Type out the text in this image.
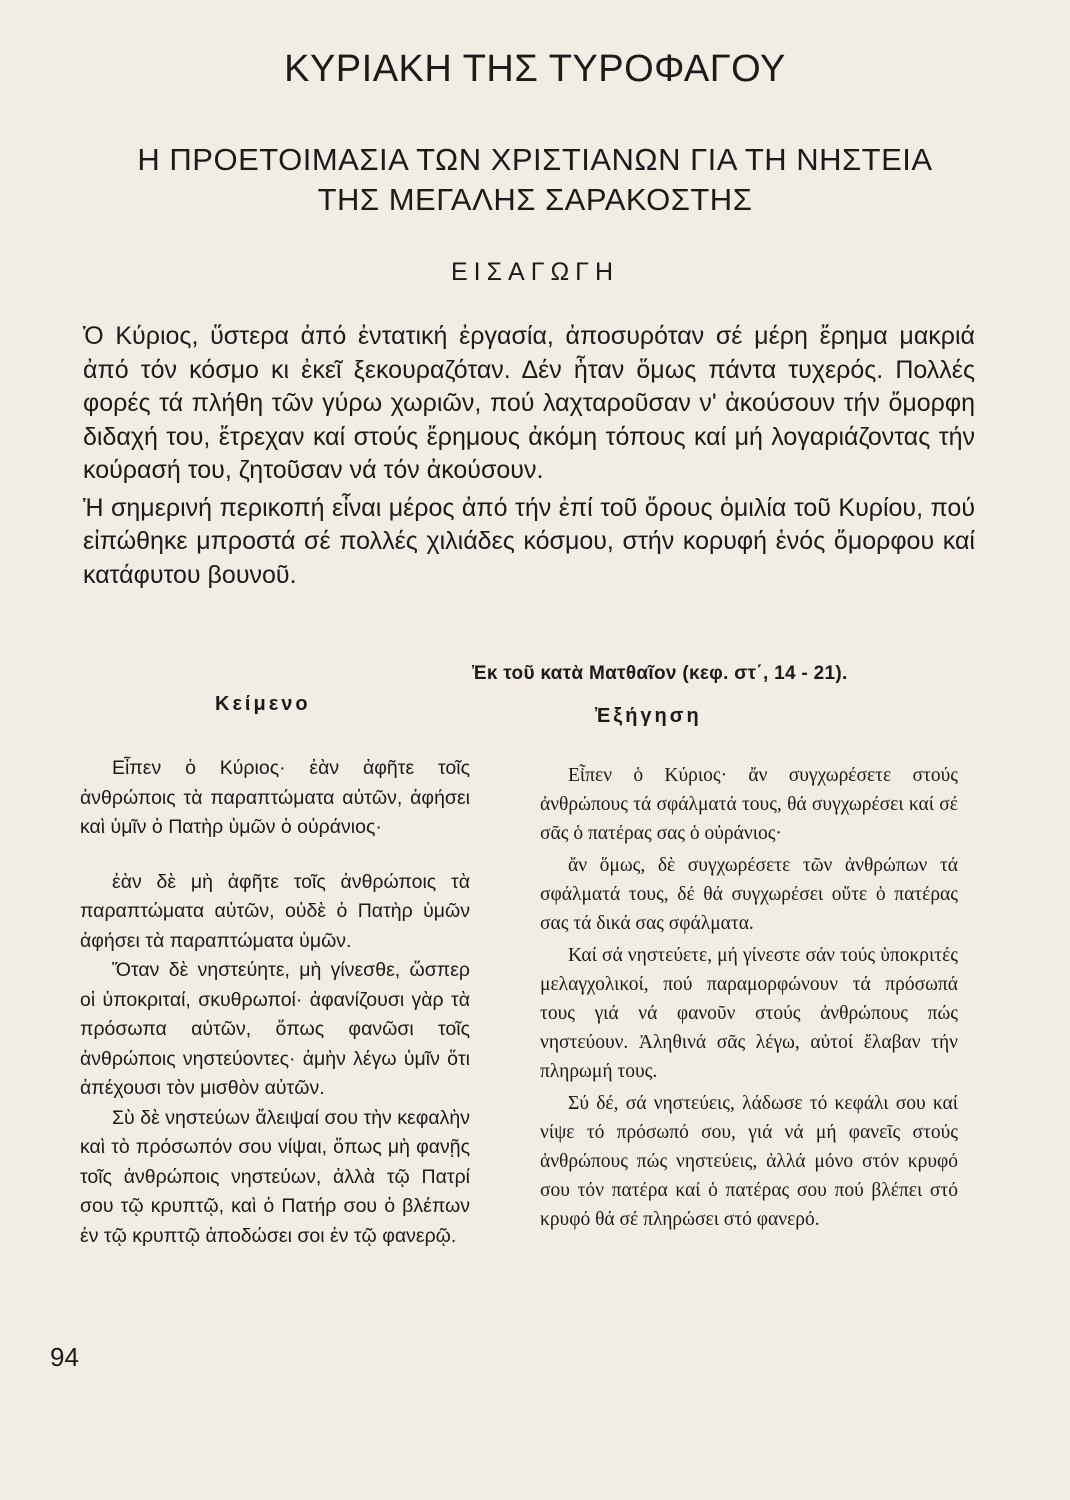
ΚΥΡΙΑΚΗ ΤΗΣ ΤΥΡΟΦΑΓΟΥ
Η ΠΡΟΕΤΟΙΜΑΣΙΑ ΤΩΝ ΧΡΙΣΤΙΑΝΩΝ ΓΙΑ ΤΗ ΝΗΣΤΕΙΑ
ΤΗΣ ΜΕΓΑΛΗΣ ΣΑΡΑΚΟΣΤΗΣ
ΕΙΣΑΓΩΓΗ

Ὁ Κύριος, ὕστερα ἀπό ἐντατική ἐργασία, ἀποσυρόταν σέ μέρη ἔρημα μακριά ἀπό τόν κόσμο κι ἐκεῖ ξεκουραζόταν. Δέν ἦταν ὅμως πάντα τυχερός. Πολλές φορές τά πλήθη τῶν γύρω χωριῶν, πού λαχταροῦσαν ν' ἀκούσουν τήν ὄμορφη διδαχή του, ἔτρεχαν καί στούς ἔρημους ἀκόμη τόπους καί μή λογαριάζοντας τήν κούρασή του, ζητοῦσαν νά τόν ἀκούσουν.

Ἡ σημερινή περικοπή εἶναι μέρος ἀπό τήν ἐπί τοῦ ὄρους ὁμιλία τοῦ Κυρίου, πού εἰπώθηκε μπροστά σέ πολλές χιλιάδες κόσμου, στήν κορυφή ἑνός ὄμορφου καί κατάφυτου βουνοῦ.

Ἐκ τοῦ κατὰ Ματθαῖον (κεφ. στ΄, 14 - 21).
Κείμενο
Ἐξήγηση

Εἶπεν ὁ Κύριος· ἐὰν ἀφῆτε τοῖς ἀνθρώποις τὰ παραπτώματα αὐτῶν, ἀφήσει καὶ ὑμῖν ὁ Πατὴρ ὑμῶν ὁ οὐράνιος·

ἐὰν δὲ μὴ ἀφῆτε τοῖς ἀνθρώποις τὰ παραπτώματα αὐτῶν, οὐδὲ ὁ Πατὴρ ὑμῶν ἀφήσει τὰ παραπτώματα ὑμῶν.

Ὅταν δὲ νηστεύητε, μὴ γίνεσθε, ὥσπερ οἱ ὑποκριταί, σκυθρωποί· ἀφανίζουσι γὰρ τὰ πρόσωπα αὐτῶν, ὅπως φανῶσι τοῖς ἀνθρώποις νηστεύοντες· ἀμὴν λέγω ὑμῖν ὅτι ἀπέχουσι τὸν μισθὸν αὐτῶν.

Σὺ δὲ νηστεύων ἄλειψαί σου τὴν κεφαλὴν καὶ τὸ πρόσωπόν σου νίψαι, ὅπως μὴ φανῇς τοῖς ἀνθρώποις νηστεύων, ἀλλὰ τῷ Πατρί σου τῷ κρυπτῷ, καὶ ὁ Πατήρ σου ὁ βλέπων ἐν τῷ κρυπτῷ ἀποδώσει σοι ἐν τῷ φανερῷ.

Εἶπεν ὁ Κύριος· ἄν συγχωρέσετε στούς ἀνθρώπους τά σφάλματά τους, θά συγχωρέσει καί σέ σᾶς ὁ πατέρας σας ὁ οὐράνιος·

ἄν ὅμως, δὲ συγχωρέσετε τῶν ἀνθρώπων τά σφάλματά τους, δέ θά συγχωρέσει οὔτε ὁ πατέρας σας τά δικά σας σφάλματα.

Καί σά νηστεύετε, μή γίνεστε σάν τούς ὑποκριτές μελαγχολικοί, πού παραμορφώνουν τά πρόσωπά τους γιά νά φανοῦν στούς ἀνθρώπους πώς νηστεύουν. Ἀληθινά σᾶς λέγω, αὐτοί ἔλαβαν τήν πληρωμή τους.

Σύ δέ, σά νηστεύεις, λάδωσε τό κεφάλι σου καί νίψε τό πρόσωπό σου, γιά νά μή φανεῖς στούς ἀνθρώπους πώς νηστεύεις, ἀλλά μόνο στόν κρυφό σου τόν πατέρα καί ὁ πατέρας σου πού βλέπει στό κρυφό θά σέ πληρώσει στό φανερό.

94
